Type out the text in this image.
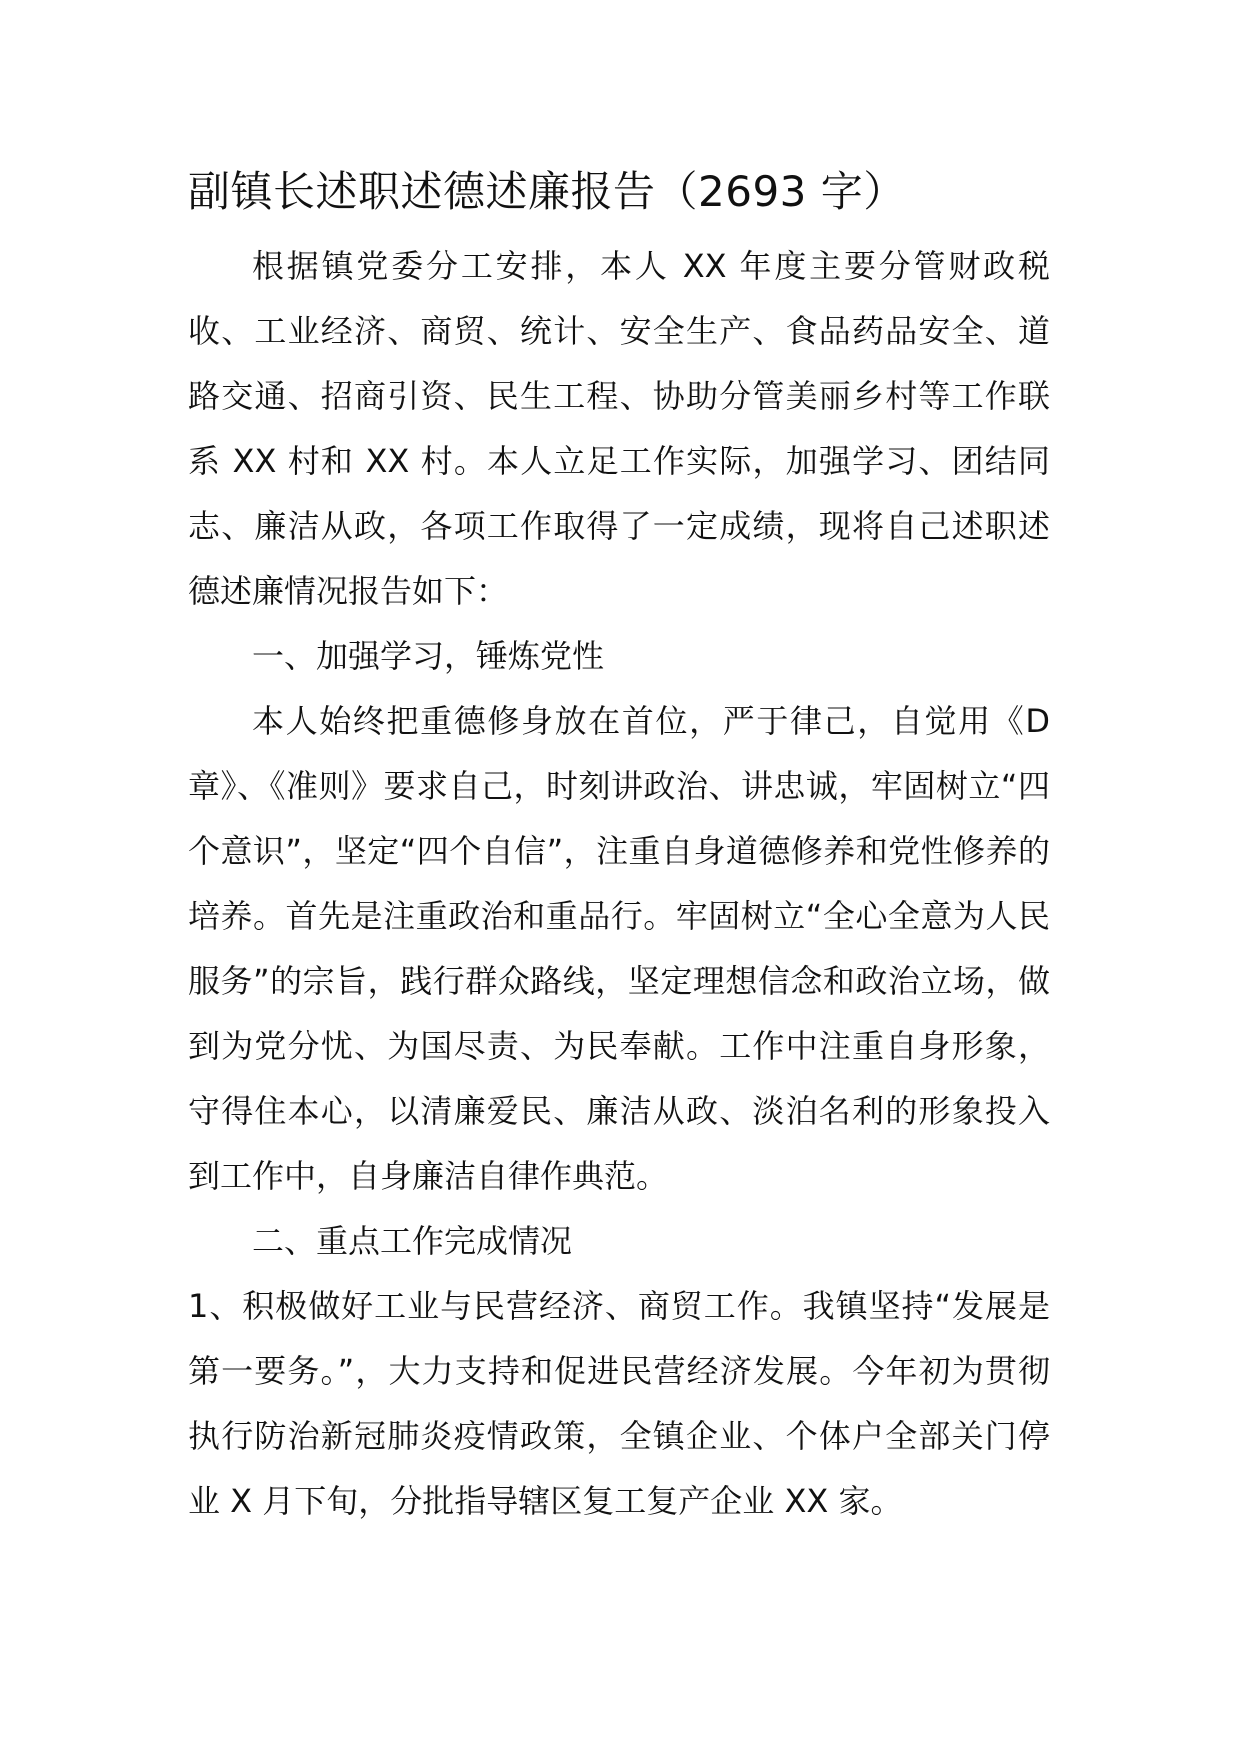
副镇长述职述德述廉报告（2693 字）

根据镇党委分工安排，本人 XX 年度主要分管财政税收、工业经济、商贸、统计、安全生产、食品药品安全、道路交通、招商引资、民生工程、协助分管美丽乡村等工作联系 XX 村和 XX 村。本人立足工作实际，加强学习、团结同志、廉洁从政，各项工作取得了一定成绩，现将自己述职述德述廉情况报告如下：

一、加强学习，锤炼党性

本人始终把重德修身放在首位，严于律己，自觉用《D章》、《准则》要求自己，时刻讲政治、讲忠诚，牢固树立“四个意识”，坚定“四个自信”，注重自身道德修养和党性修养的培养。首先是注重政治和重品行。牢固树立“全心全意为人民服务”的宗旨，践行群众路线，坚定理想信念和政治立场，做到为党分忧、为国尽责、为民奉献。工作中注重自身形象，守得住本心，以清廉爱民、廉洁从政、淡泊名利的形象投入到工作中，自身廉洁自律作典范。

二、重点工作完成情况

1、积极做好工业与民营经济、商贸工作。我镇坚持“发展是第一要务。”，大力支持和促进民营经济发展。今年初为贯彻执行防治新冠肺炎疫情政策，全镇企业、个体户全部关门停业 X 月下旬，分批指导辖区复工复产企业 XX 家。
